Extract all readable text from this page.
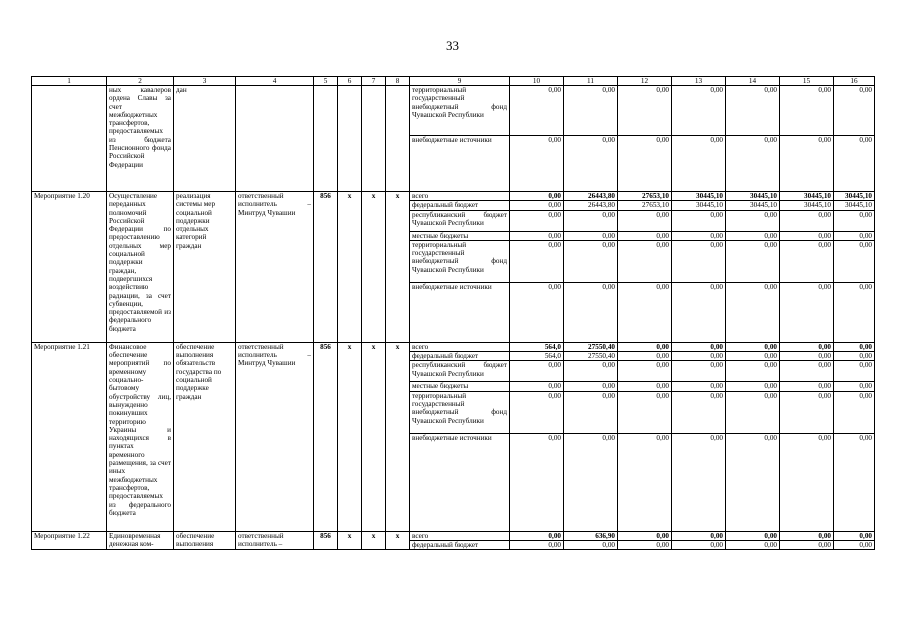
33
1	2	3	4	5	6	7	8	9	10	11	12	13	14	15	16
	ных кавалеров ордена Славы за счет межбюджетных трансфертов, предоставляемых из бюджета Пенсионного фонда Российской Федерации	дан						территориальный государственный внебюджетный фонд Чувашской Республики	0,00	0,00	0,00	0,00	0,00	0,00	0,00
								внебюджетные источники	0,00	0,00	0,00	0,00	0,00	0,00	0,00
Мероприятие 1.20	Осуществление переданных полномочий Российской Федерации по предоставлению отдельных мер социальной поддержки граждан, подвергшихся воздействию радиации, за счет субвенции, предоставляемой из федерального бюджета	реализация системы мер социальной поддержки отдельных категорий граждан	ответственный исполнитель – Минтруд Чувашии	856	x	x	x	всего	0,00	26443,80	27653,10	30445,10	30445,10	30445,10	30445,10
								федеральный бюджет	0,00	26443,80	27653,10	30445,10	30445,10	30445,10	30445,10
								республиканский бюджет Чувашской Республики	0,00	0,00	0,00	0,00	0,00	0,00	0,00
								местные бюджеты	0,00	0,00	0,00	0,00	0,00	0,00	0,00
								территориальный государственный внебюджетный фонд Чувашской Республики	0,00	0,00	0,00	0,00	0,00	0,00	0,00
								внебюджетные источники	0,00	0,00	0,00	0,00	0,00	0,00	0,00
Мероприятие 1.21	Финансовое обеспечение мероприятий по временному социально-бытовому обустройству лиц, вынужденно покинувших территорию Украины и находящихся в пунктах временного размещения, за счет иных межбюджетных трансфертов, предоставляемых из федерального бюджета	обеспечение выполнения обязательств государства по социальной поддержке граждан	ответственный исполнитель – Минтруд Чувашии	856	x	x	x	всего	564,0	27550,40	0,00	0,00	0,00	0,00	0,00
								федеральный бюджет	564,0	27550,40	0,00	0,00	0,00	0,00	0,00
								республиканский бюджет Чувашской Республики	0,00	0,00	0,00	0,00	0,00	0,00	0,00
								местные бюджеты	0,00	0,00	0,00	0,00	0,00	0,00	0,00
								территориальный государственный внебюджетный фонд Чувашской Республики	0,00	0,00	0,00	0,00	0,00	0,00	0,00
								внебюджетные источники	0,00	0,00	0,00	0,00	0,00	0,00	0,00
Мероприятие 1.22	Единовременная денежная ком-	обеспечение выполнения	ответственный исполнитель –	856	x	x	x	всего	0,00	636,90	0,00	0,00	0,00	0,00	0,00
								федеральный бюджет	0,00	0,00	0,00	0,00	0,00	0,00	0,00
